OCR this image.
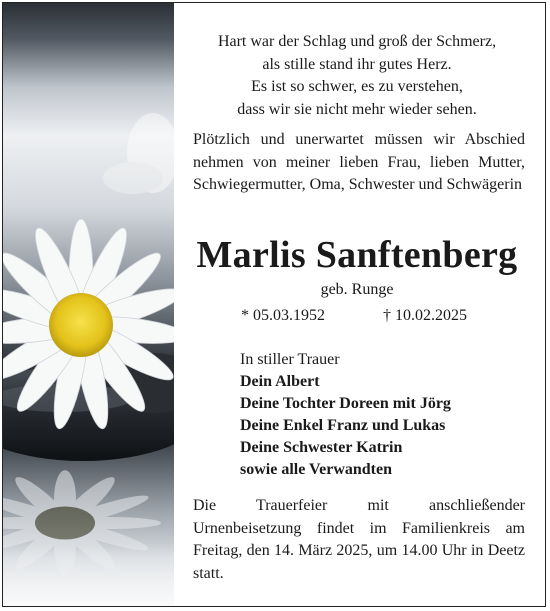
Hart war der Schlag und groß der Schmerz,
als stille stand ihr gutes Herz.
Es ist so schwer, es zu verstehen,
dass wir sie nicht mehr wieder sehen.
Plötzlich und unerwartet müssen wir Abschied nehmen von meiner lieben Frau, lieben Mutter, Schwiegermutter, Oma, Schwester und Schwägerin
Marlis Sanftenberg
geb. Runge
* 05.03.1952	† 10.02.2025
In stiller Trauer
Dein Albert
Deine Tochter Doreen mit Jörg
Deine Enkel Franz und Lukas
Deine Schwester Katrin
sowie alle Verwandten
Die Trauerfeier mit anschließender Urnenbeisetzung findet im Familienkreis am Freitag, den 14. März 2025, um 14.00 Uhr in Deetz statt.
